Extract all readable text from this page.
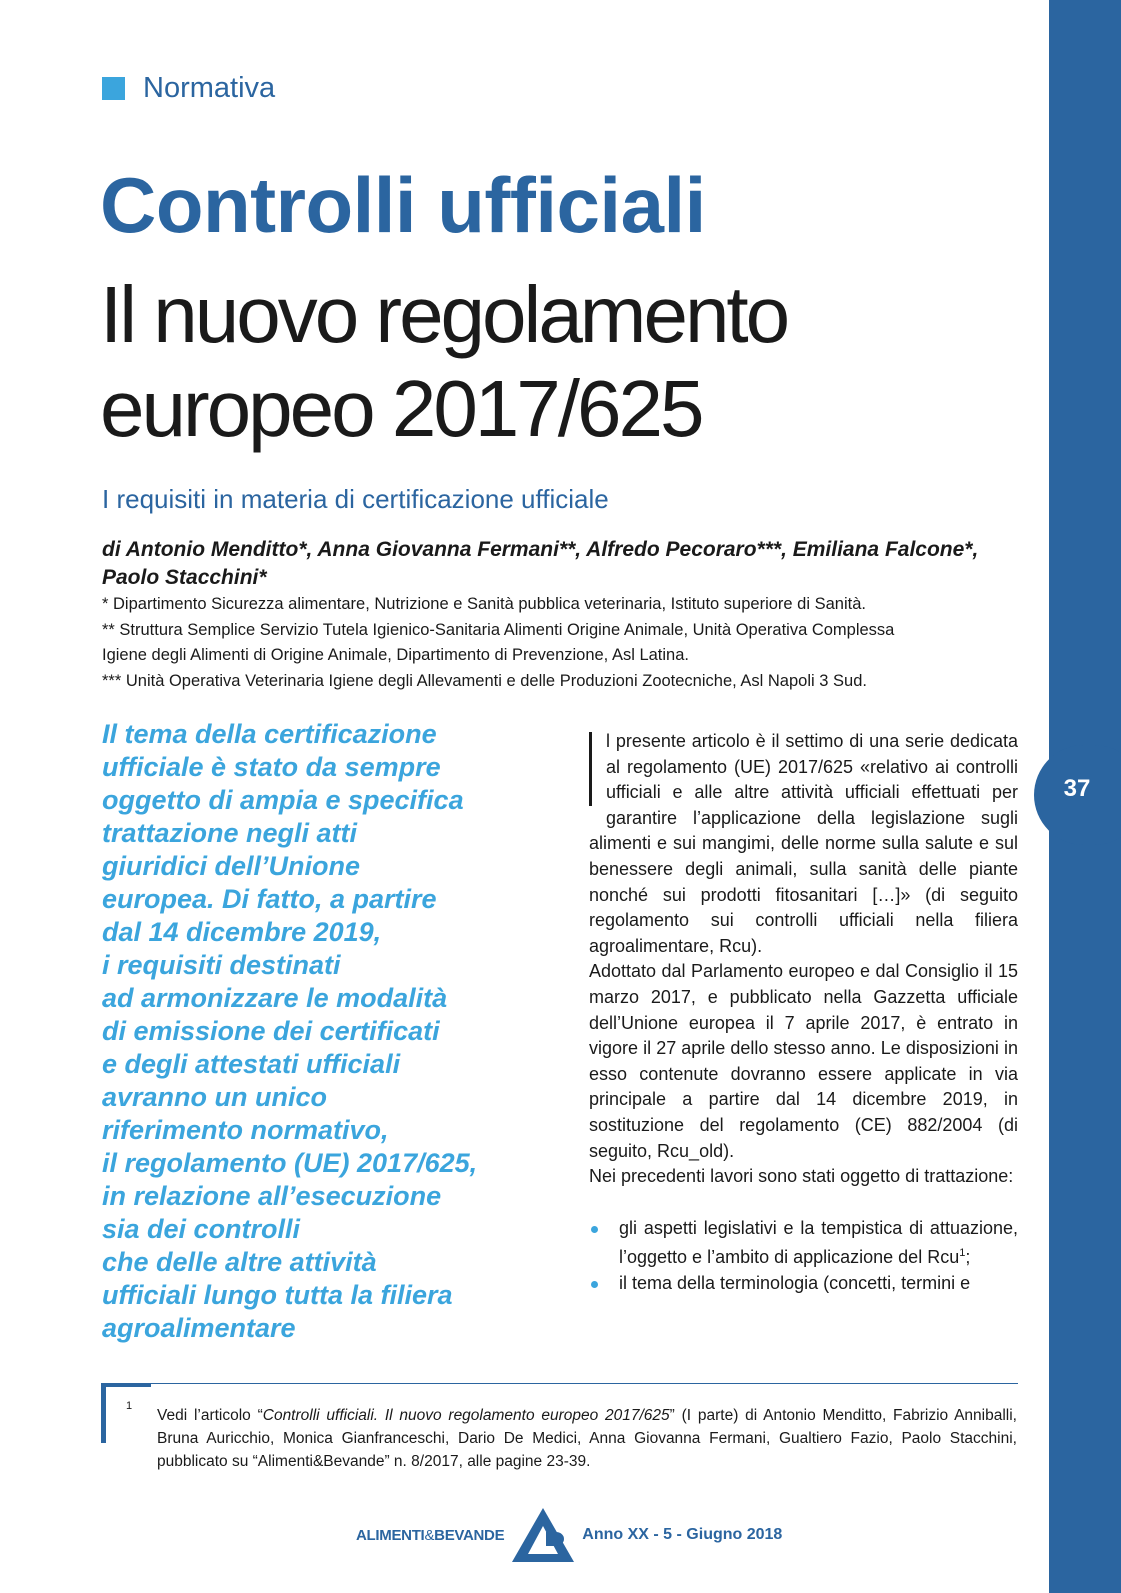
37
Normativa
Controlli ufficiali
Il nuovo regolamento europeo 2017/625
I requisiti in materia di certificazione ufficiale
di Antonio Menditto*, Anna Giovanna Fermani**, Alfredo Pecoraro***, Emiliana Falcone*, Paolo Stacchini*
* Dipartimento Sicurezza alimentare, Nutrizione e Sanità pubblica veterinaria, Istituto superiore di Sanità.
** Struttura Semplice Servizio Tutela Igienico-Sanitaria Alimenti Origine Animale, Unità Operativa Complessa
Igiene degli Alimenti di Origine Animale, Dipartimento di Prevenzione, Asl Latina.
*** Unità Operativa Veterinaria Igiene degli Allevamenti e delle Produzioni Zootecniche, Asl Napoli 3 Sud.
Il tema della certificazione
ufficiale è stato da sempre
oggetto di ampia e specifica
trattazione negli atti
giuridici dell’Unione
europea. Di fatto, a partire
dal 14 dicembre 2019,
i requisiti destinati
ad armonizzare le modalità
di emissione dei certificati
e degli attestati ufficiali
avranno un unico
riferimento normativo,
il regolamento (UE) 2017/625,
in relazione all’esecuzione
sia dei controlli
che delle altre attività
ufficiali lungo tutta la filiera
agroalimentare

l presente articolo è il settimo di una serie dedicata al regolamento (UE) 2017/625 «relativo ai controlli ufficiali e alle altre attività ufficiali effettuati per garantire l’applicazione della legislazione sugli alimenti e sui mangimi, delle norme sulla salute e sul benessere degli animali, sulla sanità delle piante nonché sui prodotti fitosanitari […]» (di seguito regolamento sui controlli ufficiali nella filiera agroalimentare, Rcu).

Adottato dal Parlamento europeo e dal Consiglio il 15 marzo 2017, e pubblicato nella Gazzetta ufficiale dell’Unione europea il 7 aprile 2017, è entrato in vigore il 27 aprile dello stesso anno. Le disposizioni in esso contenute dovranno essere applicate in via principale a partire dal 14 dicembre 2019, in sostituzione del regolamento (CE) 882/2004 (di seguito, Rcu_old).

Nei precedenti lavori sono stati oggetto di trattazione:

gli aspetti legislativi e la tempistica di attuazione, l’oggetto e l’ambito di applicazione del Rcu$^1$;
il tema della terminologia (concetti, termini e
1
Vedi l’articolo “Controlli ufficiali. Il nuovo regolamento europeo 2017/625” (I parte) di Antonio Menditto, Fabrizio Anniballi, Bruna Auricchio, Monica Gianfranceschi, Dario De Medici, Anna Giovanna Fermani, Gualtiero Fazio, Paolo Stacchini, pubblicato su “Alimenti&Bevande” n. 8/2017, alle pagine 23-39.
ALIMENTI&BEVANDE	Anno XX - 5 - Giugno 2018
